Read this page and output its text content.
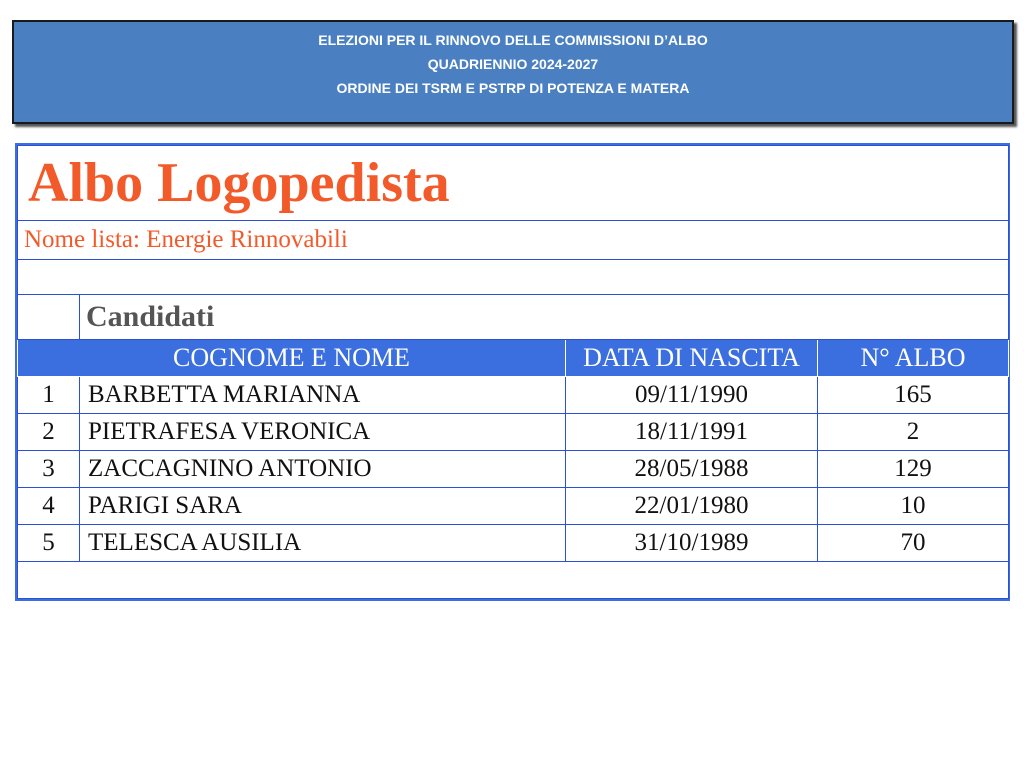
ELEZIONI PER IL RINNOVO DELLE COMMISSIONI D’ALBO
QUADRIENNIO 2024-2027
ORDINE DEI TSRM E PSTRP DI POTENZA E MATERA
Albo Logopedista			
Nome lista: Energie Rinnovabili			

	Candidati		
COGNOME E NOME		DATA DI NASCITA	N° ALBO
1	BARBETTA MARIANNA	09/11/1990	165
2	PIETRAFESA VERONICA	18/11/1991	2
3	ZACCAGNINO ANTONIO	28/05/1988	129
4	PARIGI SARA	22/01/1980	10
5	TELESCA AUSILIA	31/10/1989	70
